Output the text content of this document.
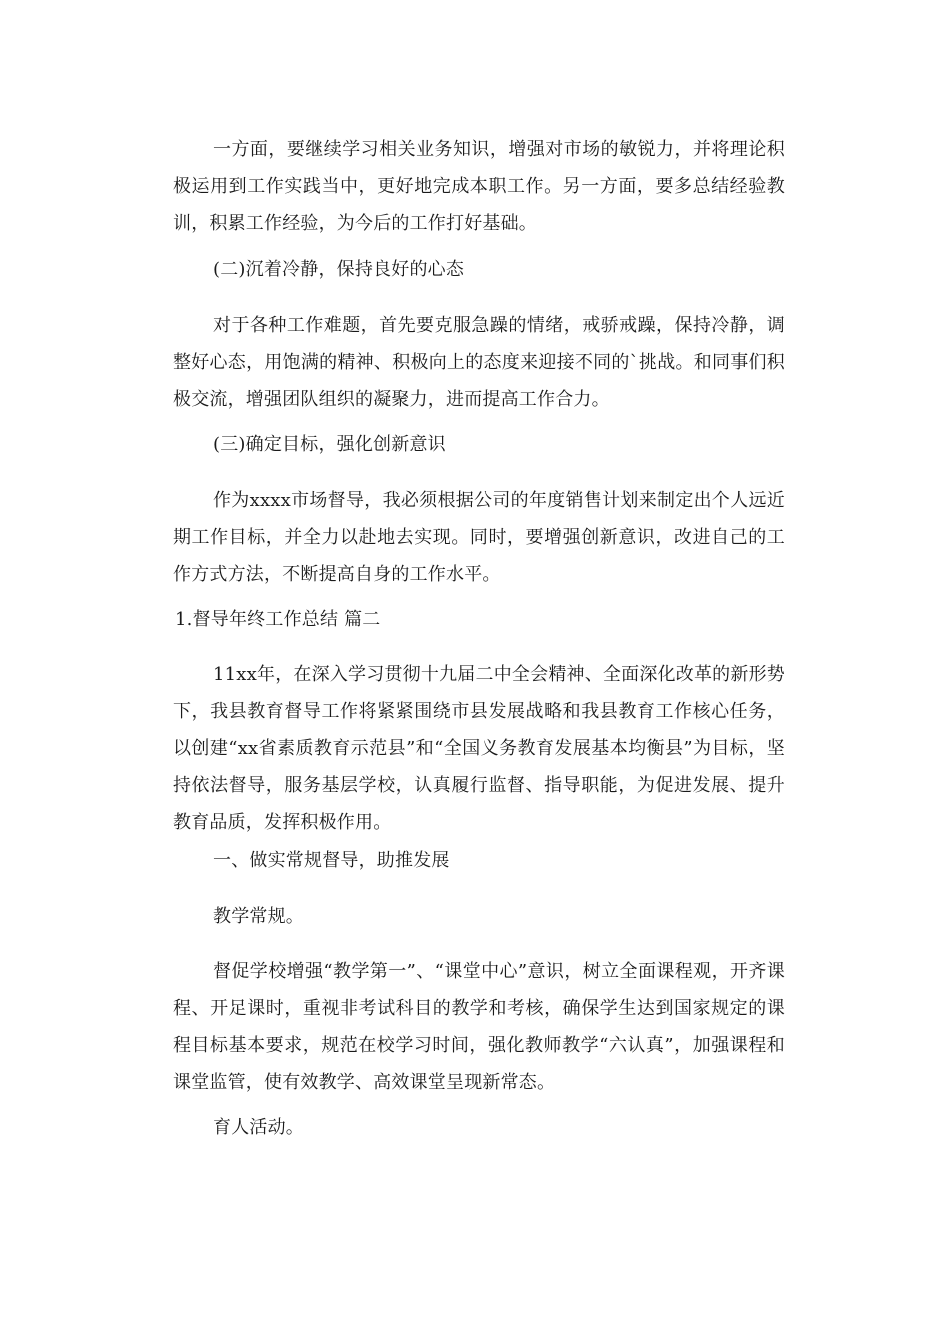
一方面，要继续学习相关业务知识，增强对市场的敏锐力，并将理论积极运用到工作实践当中，更好地完成本职工作。另一方面，要多总结经验教训，积累工作经验，为今后的工作打好基础。

(二)沉着冷静，保持良好的心态

对于各种工作难题，首先要克服急躁的情绪，戒骄戒躁，保持冷静，调整好心态，用饱满的精神、积极向上的态度来迎接不同的`挑战。和同事们积极交流，增强团队组织的凝聚力，进而提高工作合力。

(三)确定目标，强化创新意识

作为xxxx市场督导，我必须根据公司的年度销售计划来制定出个人远近期工作目标，并全力以赴地去实现。同时，要增强创新意识，改进自己的工作方式方法，不断提高自身的工作水平。

1.督导年终工作总结 篇二

11xx年，在深入学习贯彻十九届二中全会精神、全面深化改革的新形势下，我县教育督导工作将紧紧围绕市县发展战略和我县教育工作核心任务，以创建“xx省素质教育示范县”和“全国义务教育发展基本均衡县”为目标，坚持依法督导，服务基层学校，认真履行监督、指导职能，为促进发展、提升教育品质，发挥积极作用。

一、做实常规督导，助推发展

教学常规。

督促学校增强“教学第一”、“课堂中心”意识，树立全面课程观，开齐课程、开足课时，重视非考试科目的教学和考核，确保学生达到国家规定的课程目标基本要求，规范在校学习时间，强化教师教学“六认真”，加强课程和课堂监管，使有效教学、高效课堂呈现新常态。

育人活动。
